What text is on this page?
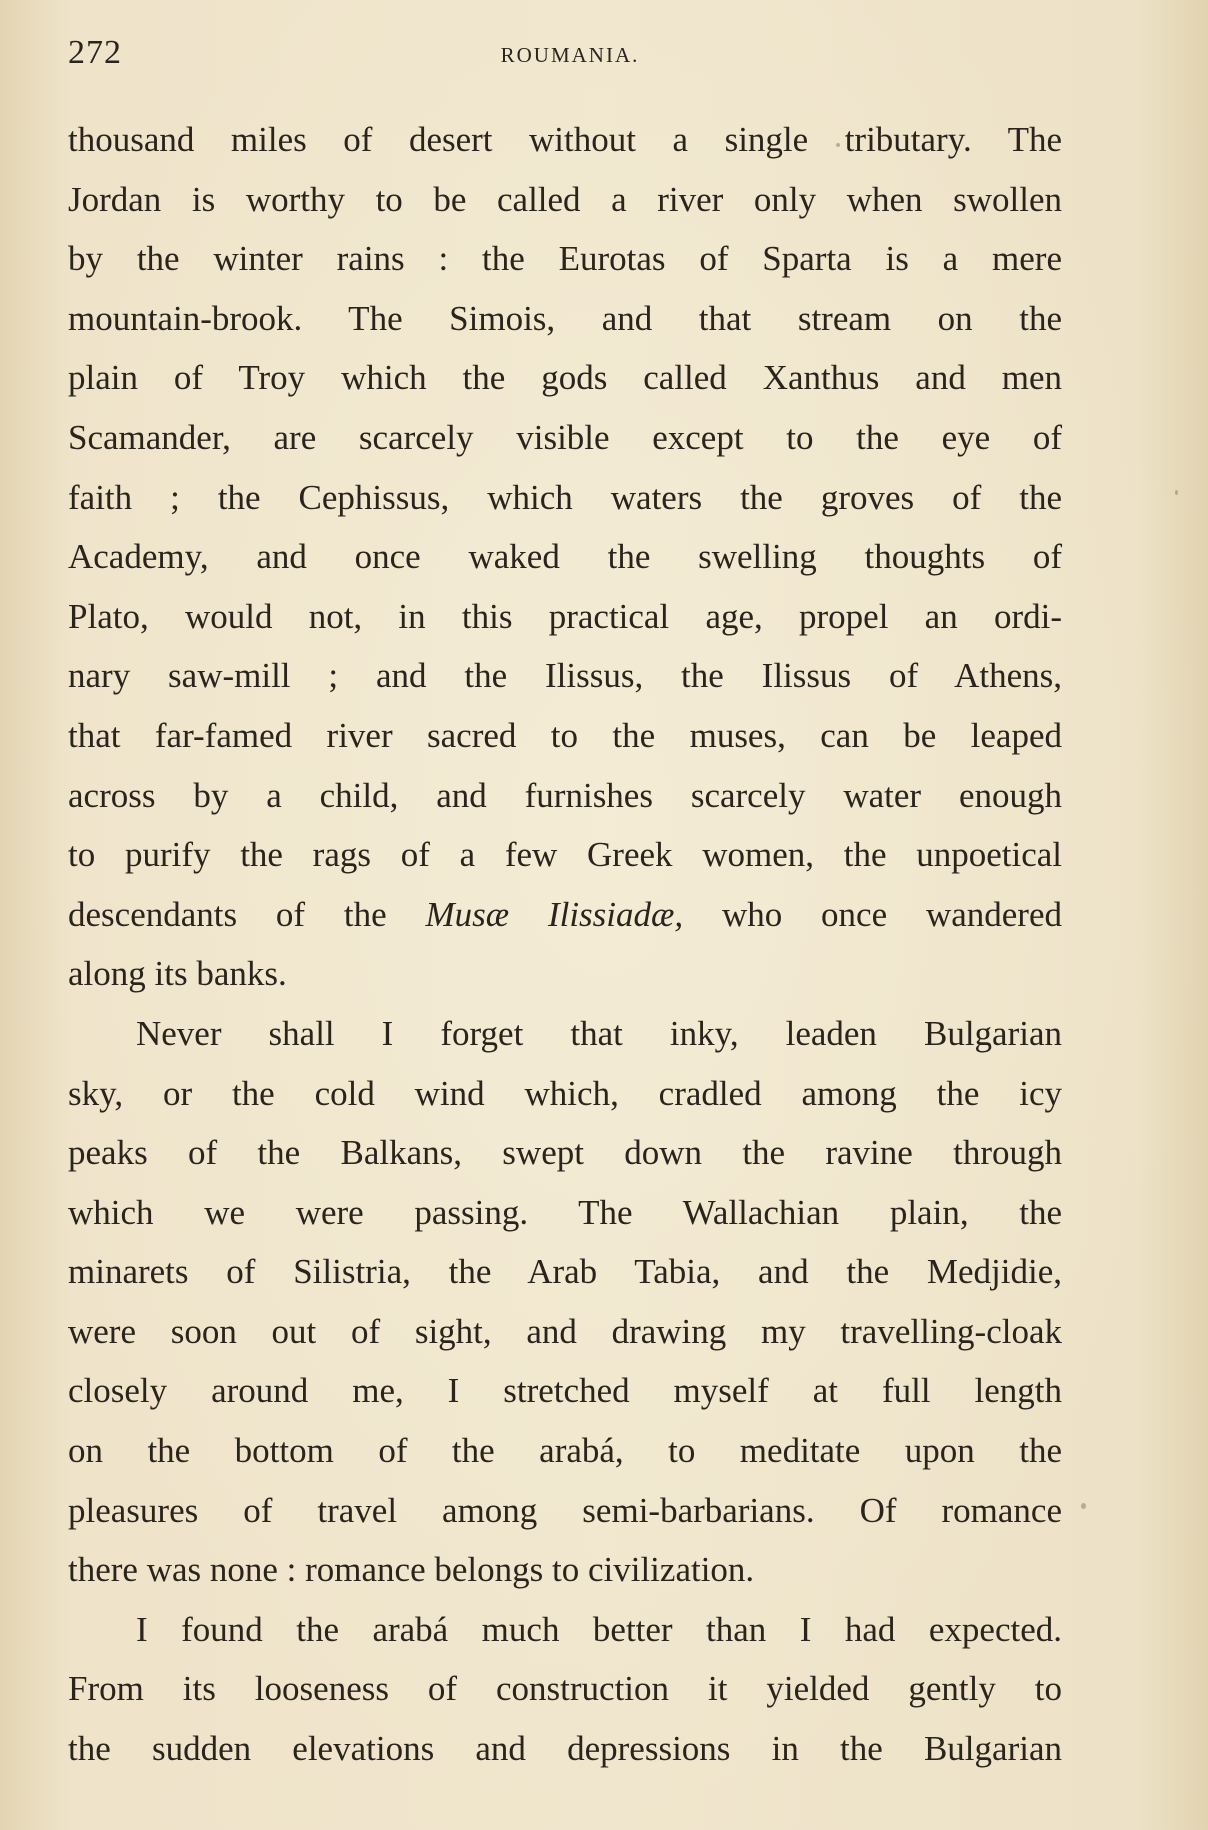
272	ROUMANIA.
thousand miles of desert without a single tributary. The
Jordan is worthy to be called a river only when swollen
by the winter rains : the Eurotas of Sparta is a mere
mountain-brook. The Simois, and that stream on the
plain of Troy which the gods called Xanthus and men
Scamander, are scarcely visible except to the eye of
faith ; the Cephissus, which waters the groves of the
Academy, and once waked the swelling thoughts of
Plato, would not, in this practical age, propel an ordi-
nary saw-mill ; and the Ilissus, the Ilissus of Athens,
that far-famed river sacred to the muses, can be leaped
across by a child, and furnishes scarcely water enough
to purify the rags of a few Greek women, the unpoetical
descendants of the Musæ Ilissiadæ, who once wandered
along its banks.
Never shall I forget that inky, leaden Bulgarian
sky, or the cold wind which, cradled among the icy
peaks of the Balkans, swept down the ravine through
which we were passing. The Wallachian plain, the
minarets of Silistria, the Arab Tabia, and the Medjidie,
were soon out of sight, and drawing my travelling-cloak
closely around me, I stretched myself at full length
on the bottom of the arabá, to meditate upon the
pleasures of travel among semi-barbarians. Of romance
there was none : romance belongs to civilization.
I found the arabá much better than I had expected.
From its looseness of construction it yielded gently to
the sudden elevations and depressions in the Bulgarian
